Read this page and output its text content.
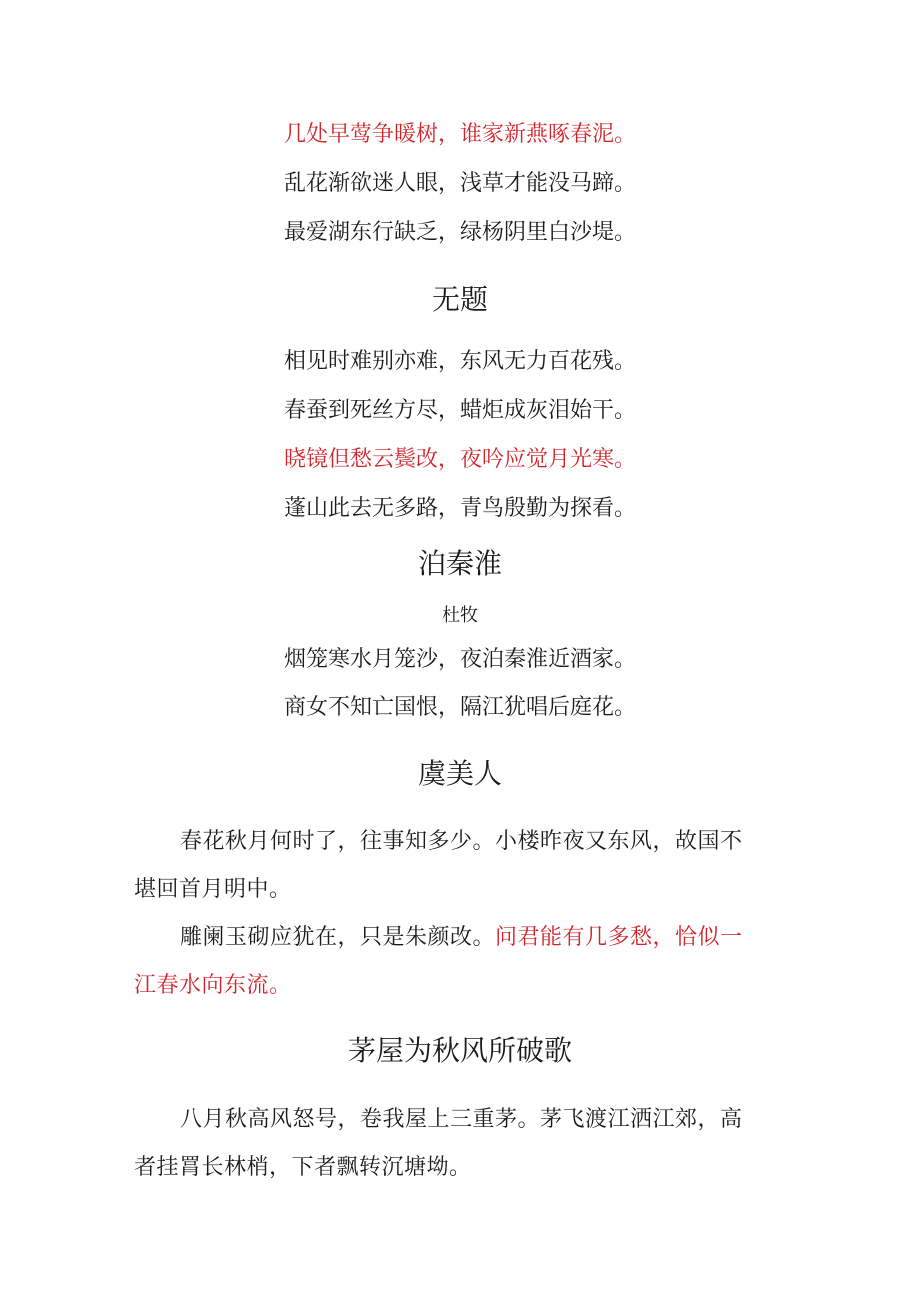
几处早莺争暖树，谁家新燕啄春泥。
乱花渐欲迷人眼，浅草才能没马蹄。
最爱湖东行缺乏，绿杨阴里白沙堤。
无题
相见时难别亦难，东风无力百花残。
春蚕到死丝方尽，蜡炬成灰泪始干。
晓镜但愁云鬓改，夜吟应觉月光寒。
蓬山此去无多路，青鸟殷勤为探看。
泊秦淮
杜牧
烟笼寒水月笼沙，夜泊秦淮近酒家。
商女不知亡国恨，隔江犹唱后庭花。
虞美人
春花秋月何时了，往事知多少。小楼昨夜又东风，故国不堪回首月明中。
雕阑玉砌应犹在，只是朱颜改。问君能有几多愁，恰似一江春水向东流。
茅屋为秋风所破歌
八月秋高风怒号，卷我屋上三重茅。茅飞渡江洒江郊，高者挂罥长林梢，下者飘转沉塘坳。
